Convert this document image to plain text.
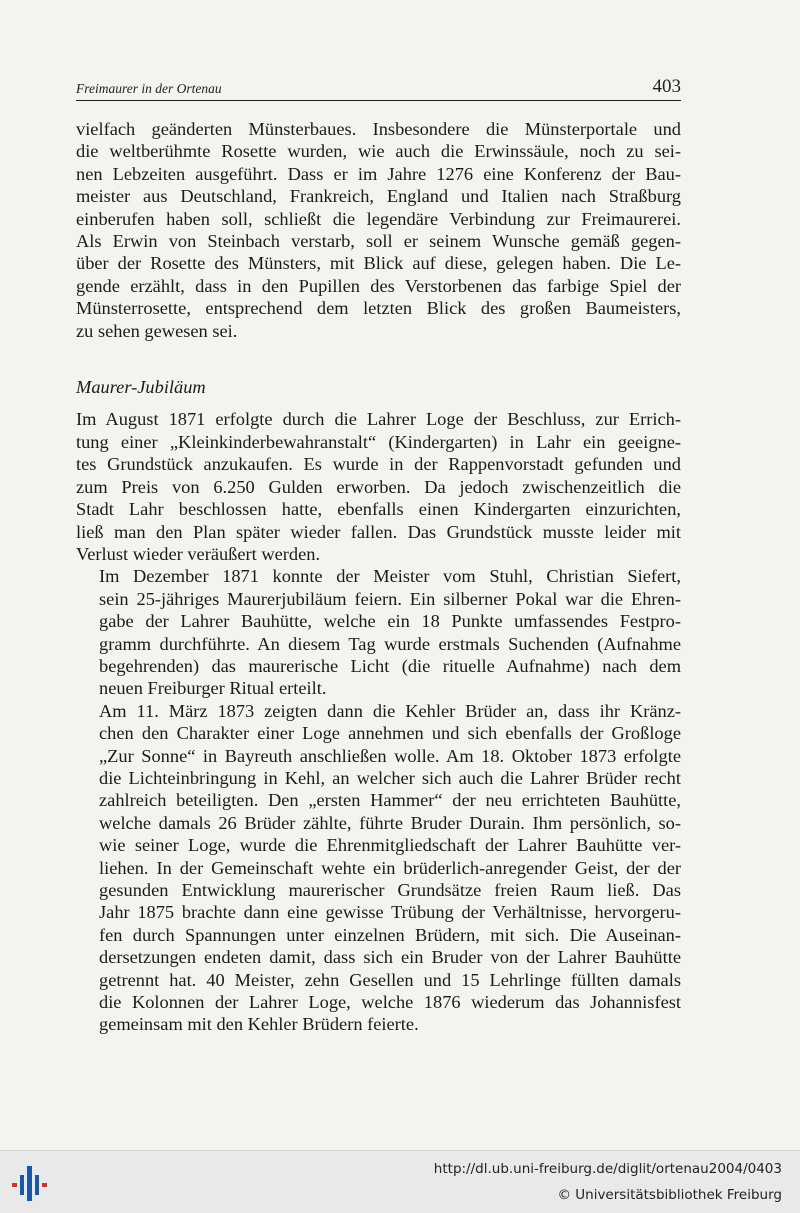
Freimaurer in der Ortenau	403
vielfach geänderten Münsterbaues. Insbesondere die Münsterportale und
die weltberühmte Rosette wurden, wie auch die Erwinssäule, noch zu sei-
nen Lebzeiten ausgeführt. Dass er im Jahre 1276 eine Konferenz der Bau-
meister aus Deutschland, Frankreich, England und Italien nach Straßburg
einberufen haben soll, schließt die legendäre Verbindung zur Freimaurerei.
Als Erwin von Steinbach verstarb, soll er seinem Wunsche gemäß gegen-
über der Rosette des Münsters, mit Blick auf diese, gelegen haben. Die Le-
gende erzählt, dass in den Pupillen des Verstorbenen das farbige Spiel der
Münsterrosette, entsprechend dem letzten Blick des großen Baumeisters,
zu sehen gewesen sei.
Maurer-Jubiläum
Im August 1871 erfolgte durch die Lahrer Loge der Beschluss, zur Errich-
tung einer „Kleinkinderbewahranstalt“ (Kindergarten) in Lahr ein geeigne-
tes Grundstück anzukaufen. Es wurde in der Rappenvorstadt gefunden und
zum Preis von 6.250 Gulden erworben. Da jedoch zwischenzeitlich die
Stadt Lahr beschlossen hatte, ebenfalls einen Kindergarten einzurichten,
ließ man den Plan später wieder fallen. Das Grundstück musste leider mit
Verlust wieder veräußert werden.
Im Dezember 1871 konnte der Meister vom Stuhl, Christian Siefert,
sein 25-jähriges Maurerjubiläum feiern. Ein silberner Pokal war die Ehren-
gabe der Lahrer Bauhütte, welche ein 18 Punkte umfassendes Festpro-
gramm durchführte. An diesem Tag wurde erstmals Suchenden (Aufnahme
begehrenden) das maurerische Licht (die rituelle Aufnahme) nach dem
neuen Freiburger Ritual erteilt.
Am 11. März 1873 zeigten dann die Kehler Brüder an, dass ihr Kränz-
chen den Charakter einer Loge annehmen und sich ebenfalls der Großloge
„Zur Sonne“ in Bayreuth anschließen wolle. Am 18. Oktober 1873 erfolgte
die Lichteinbringung in Kehl, an welcher sich auch die Lahrer Brüder recht
zahlreich beteiligten. Den „ersten Hammer“ der neu errichteten Bauhütte,
welche damals 26 Brüder zählte, führte Bruder Durain. Ihm persönlich, so-
wie seiner Loge, wurde die Ehrenmitgliedschaft der Lahrer Bauhütte ver-
liehen. In der Gemeinschaft wehte ein brüderlich-anregender Geist, der der
gesunden Entwicklung maurerischer Grundsätze freien Raum ließ. Das
Jahr 1875 brachte dann eine gewisse Trübung der Verhältnisse, hervorgeru-
fen durch Spannungen unter einzelnen Brüdern, mit sich. Die Auseinan-
dersetzungen endeten damit, dass sich ein Bruder von der Lahrer Bauhütte
getrennt hat. 40 Meister, zehn Gesellen und 15 Lehrlinge füllten damals
die Kolonnen der Lahrer Loge, welche 1876 wiederum das Johannisfest
gemeinsam mit den Kehler Brüdern feierte.
http://dl.ub.uni-freiburg.de/diglit/ortenau2004/0403
© Universitätsbibliothek Freiburg
